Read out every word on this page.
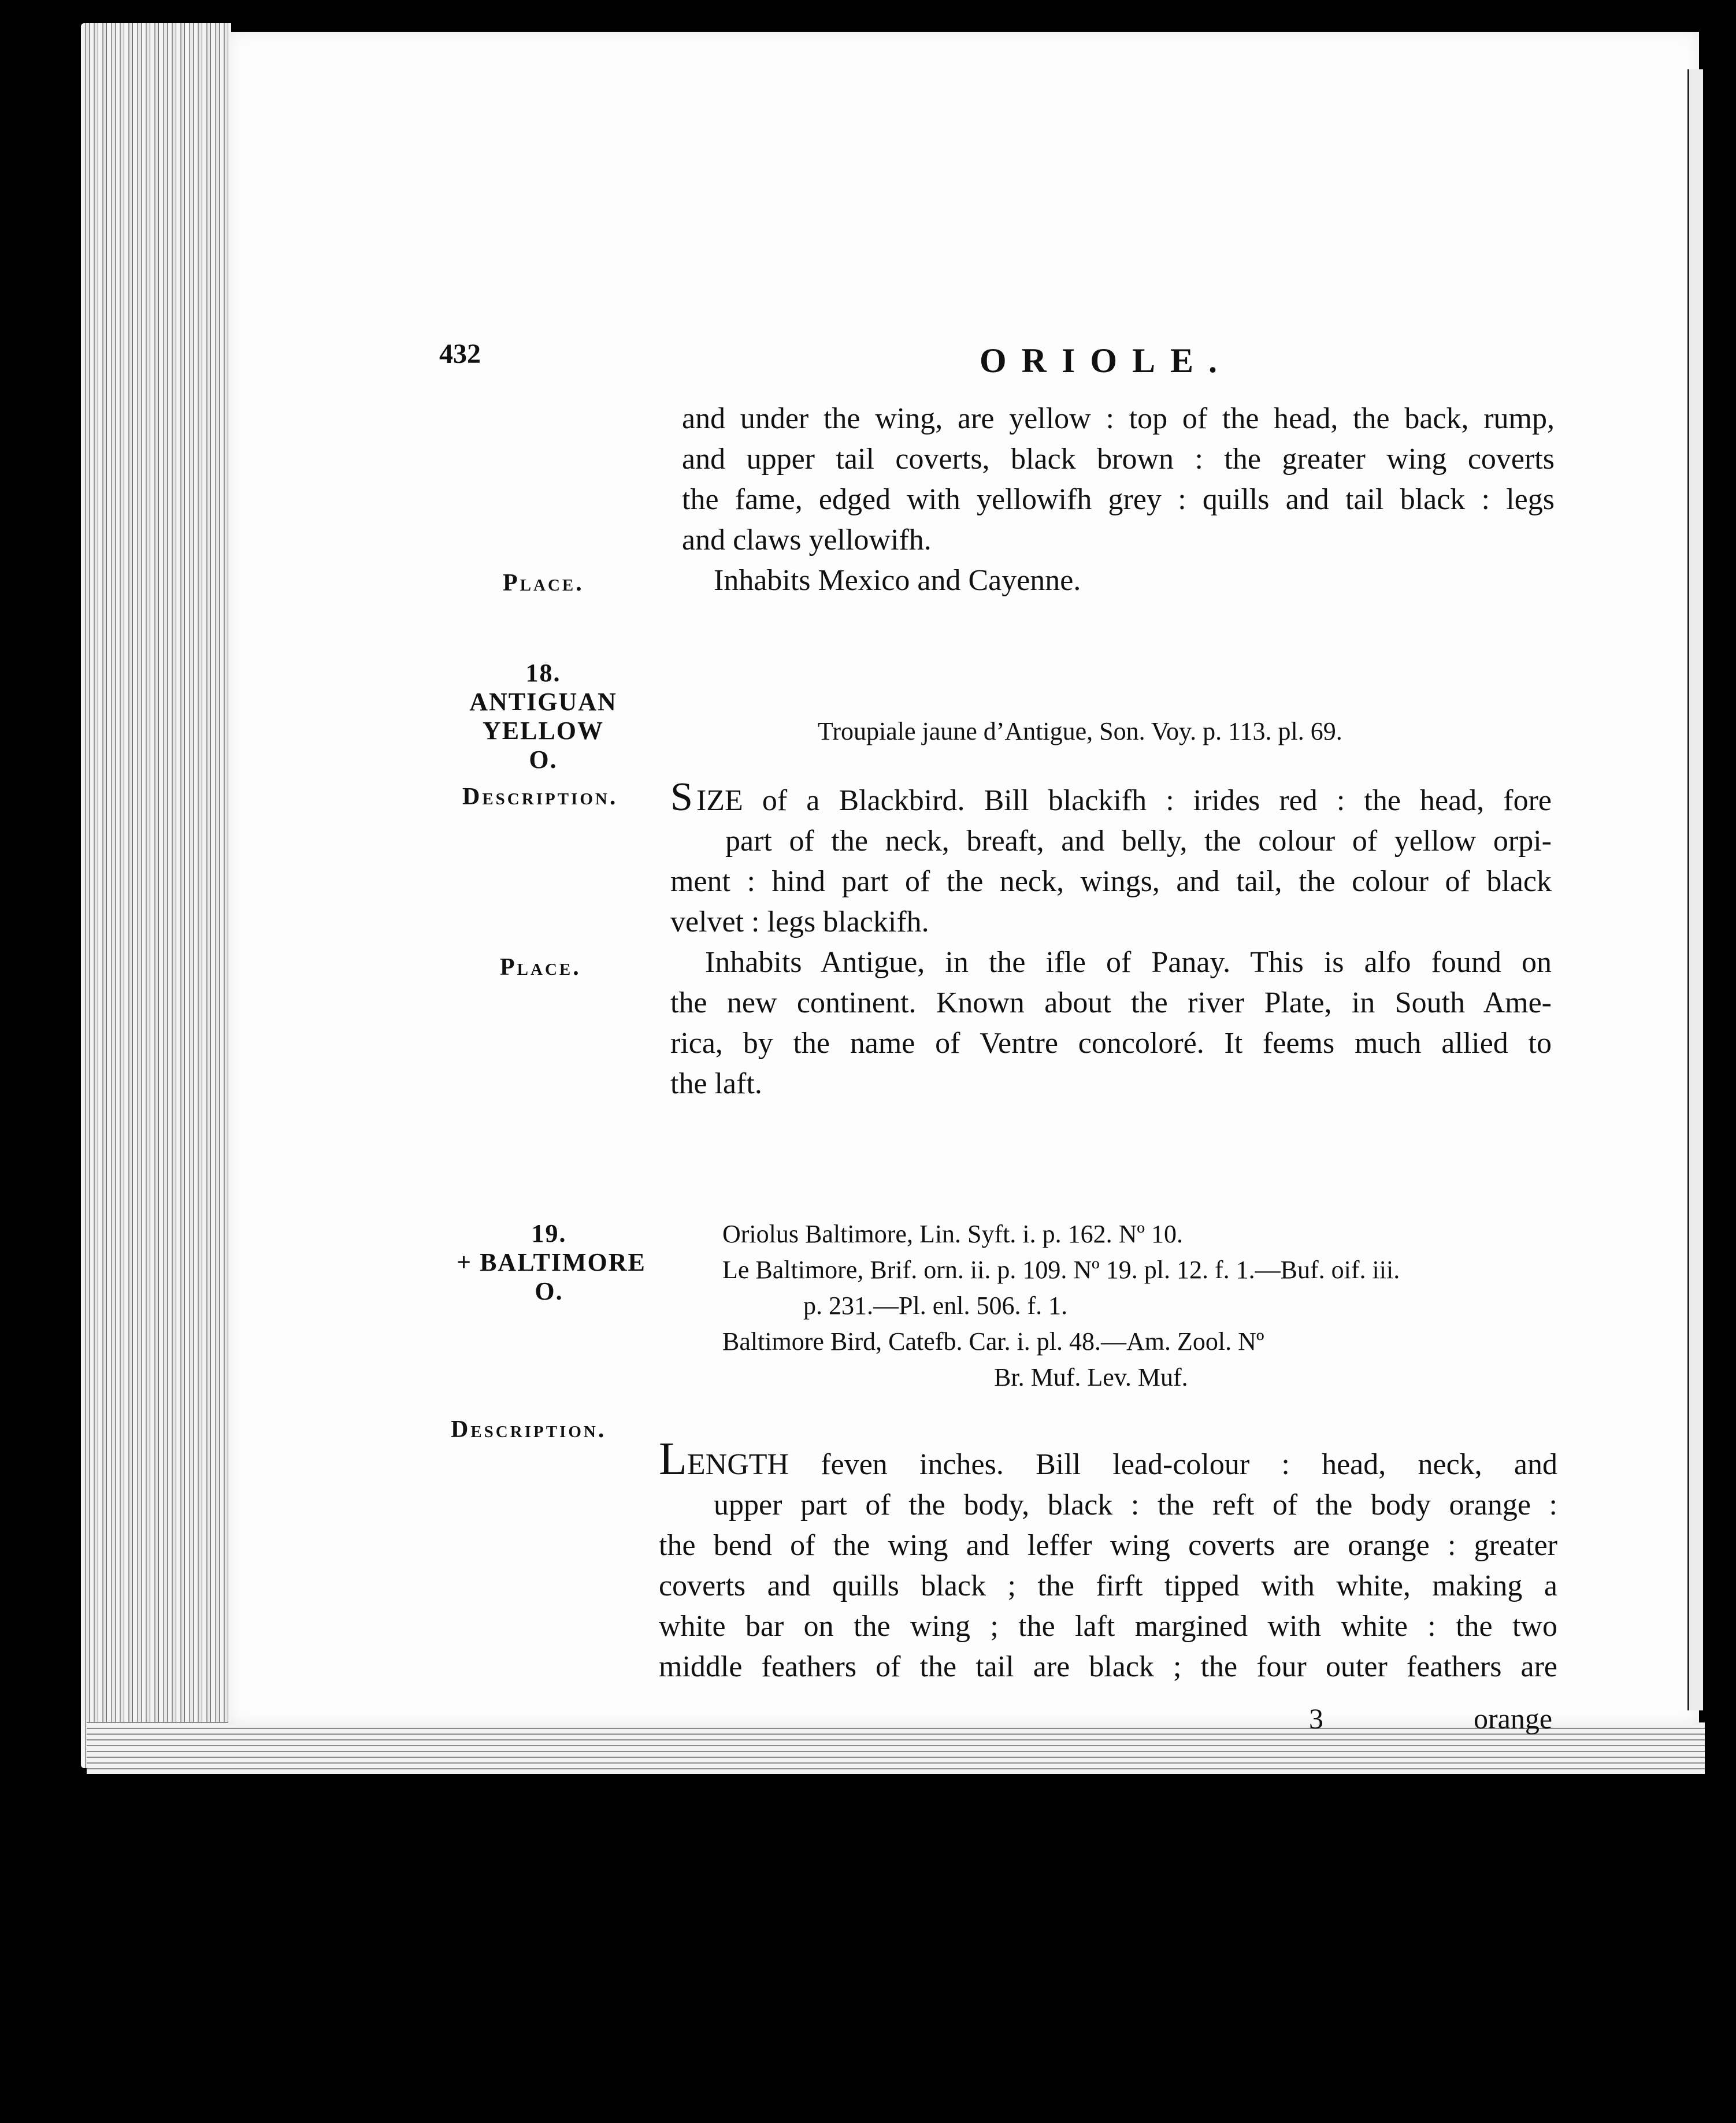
432	ORIOLE.
Place.
18.
ANTIGUAN
YELLOW
O.
Description.
Place.
19.
+ BALTIMORE
O.
Description.
and under the wing, are yellow : top of the head, the back, rump,
and upper tail coverts, black brown : the greater wing coverts
the fame, edged with yellowifh grey : quills and tail black : legs
and claws yellowifh.
Inhabits Mexico and Cayenne.
Troupiale jaune d’Antigue, Son. Voy. p. 113. pl. 69.
S IZE of a Blackbird. Bill blackifh : irides red : the head, fore
part of the neck, breaft, and belly, the colour of yellow orpi-
ment : hind part of the neck, wings, and tail, the colour of black
velvet : legs blackifh.
Inhabits Antigue, in the ifle of Panay. This is alfo found on
the new continent. Known about the river Plate, in South Ame-
rica, by the name of Ventre concoloré. It feems much allied to
the laft.
Oriolus Baltimore, Lin. Syft. i. p. 162. Nº 10.
Le Baltimore, Brif. orn. ii. p. 109. Nº 19. pl. 12. f. 1.—Buf. oif. iii.
p. 231.—Pl. enl. 506. f. 1.
Baltimore Bird, Catefb. Car. i. pl. 48.—Am. Zool. Nº
Br. Muf. Lev. Muf.
LENGTH feven inches. Bill lead-colour : head, neck, and
upper part of the body, black : the reft of the body orange :
the bend of the wing and leffer wing coverts are orange : greater
coverts and quills black ; the firft tipped with white, making a
white bar on the wing ; the laft margined with white : the two
middle feathers of the tail are black ; the four outer feathers are
3	orange
